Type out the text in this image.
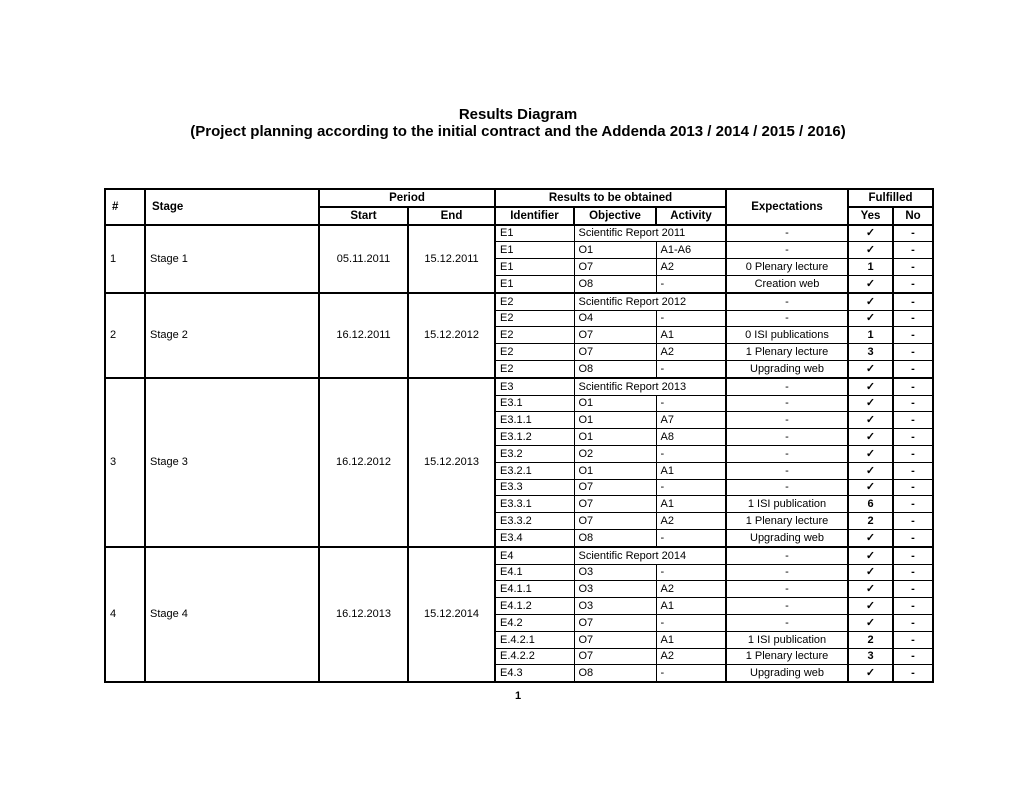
Results Diagram
(Project planning according to the initial contract and the Addenda 2013 / 2014 / 2015 / 2016)
#	Stage	Period		Results to be obtained			Expectations	Fulfilled	
		Start	End	Identifier	Objective	Activity		Yes	No
1	Stage 1	05.11.2011	15.12.2011	E1	Scientific Report 2011		-	✓	-
				E1	O1	A1-A6	-	✓	-
				E1	O7	A2	0 Plenary lecture	1	-
				E1	O8	-	Creation web	✓	-
2	Stage 2	16.12.2011	15.12.2012	E2	Scientific Report 2012		-	✓	-
				E2	O4	-	-	✓	-
				E2	O7	A1	0 ISI publications	1	-
				E2	O7	A2	1 Plenary lecture	3	-
				E2	O8	-	Upgrading web	✓	-
3	Stage 3	16.12.2012	15.12.2013	E3	Scientific Report 2013		-	✓	-
				E3.1	O1	-	-	✓	-
				E3.1.1	O1	A7	-	✓	-
				E3.1.2	O1	A8	-	✓	-
				E3.2	O2	-	-	✓	-
				E3.2.1	O1	A1	-	✓	-
				E3.3	O7	-	-	✓	-
				E3.3.1	O7	A1	1 ISI publication	6	-
				E3.3.2	O7	A2	1 Plenary lecture	2	-
				E3.4	O8	-	Upgrading web	✓	-
4	Stage 4	16.12.2013	15.12.2014	E4	Scientific Report 2014		-	✓	-
				E4.1	O3	-	-	✓	-
				E4.1.1	O3	A2	-	✓	-
				E4.1.2	O3	A1	-	✓	-
				E4.2	O7	-	-	✓	-
				E.4.2.1	O7	A1	1 ISI publication	2	-
				E.4.2.2	O7	A2	1 Plenary lecture	3	-
				E4.3	O8	-	Upgrading web	✓	-
1
